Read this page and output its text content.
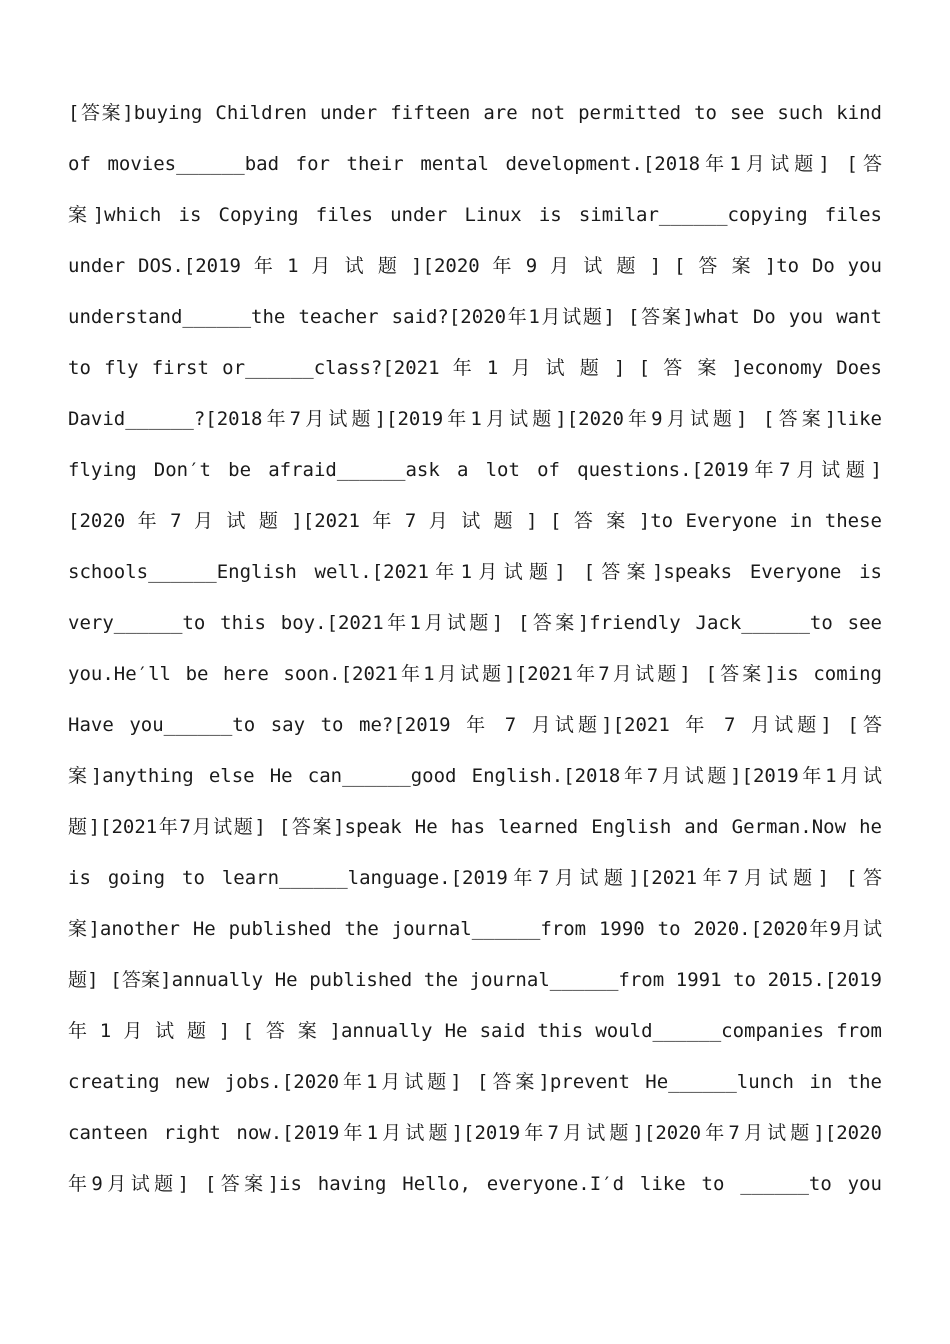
[答案]buying Children under fifteen are not permitted to see such kind
of movies______bad for their mental development.[2018年1月试题] [答
案]which is Copying files under Linux is similar______copying files
under DOS.[2019 年 1 月 试 题 ][2020 年 9 月 试 题 ] [ 答 案 ]to Do you
understand______the teacher said?[2020年1月试题] [答案]what Do you want
to fly first or______class?[2021 年 1 月 试 题 ] [ 答 案 ]economy Does
David______?[2018年7月试题][2019年1月试题][2020年9月试题] [答案]like
flying Don′t be afraid______ask a lot of questions.[2019年7月试题]
[2020 年 7 月 试 题 ][2021 年 7 月 试 题 ] [ 答 案 ]to Everyone in these
schools______English well.[2021年1月试题] [答案]speaks Everyone is
very______to this boy.[2021年1月试题] [答案]friendly Jack______to see
you.He′ll be here soon.[2021年1月试题][2021年7月试题] [答案]is coming
Have you______to say to me?[2019 年 7 月试题][2021 年 7 月试题] [答
案]anything else He can______good English.[2018年7月试题][2019年1月试
题][2021年7月试题] [答案]speak He has learned English and German.Now he
is going to learn______language.[2019年7月试题][2021年7月试题] [答
案]another He published the journal______from 1990 to 2020.[2020年9月试
题] [答案]annually He published the journal______from 1991 to 2015.[2019
年 1 月 试 题 ] [ 答 案 ]annually He said this would______companies from
creating new jobs.[2020年1月试题] [答案]prevent He______lunch in the
canteen right now.[2019年1月试题][2019年7月试题][2020年7月试题][2020
年9月试题] [答案]is having Hello, everyone.I′d like to ______to you
